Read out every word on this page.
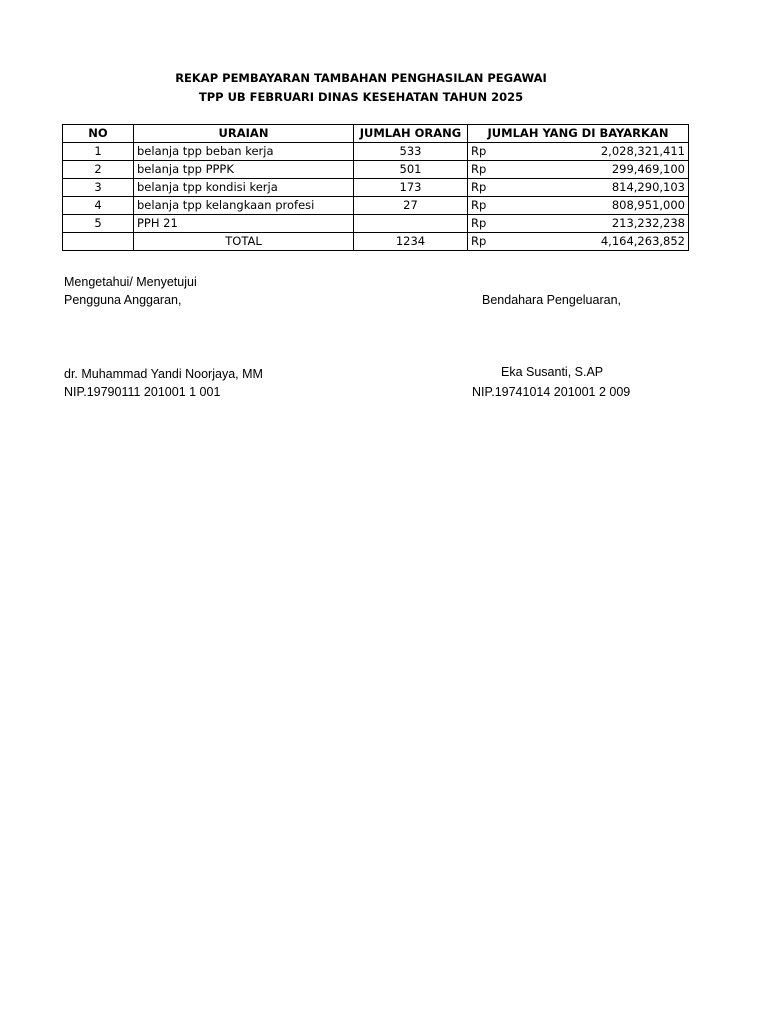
REKAP PEMBAYARAN TAMBAHAN PENGHASILAN PEGAWAI
TPP UB FEBRUARI DINAS KESEHATAN TAHUN 2025
NO	URAIAN	JUMLAH ORANG	JUMLAH YANG DI BAYARKAN
1	belanja tpp beban kerja	533	Rp 2,028,321,411

2	belanja tpp PPPK	501	Rp 299,469,100

3	belanja tpp kondisi kerja	173	Rp 814,290,103

4	belanja tpp kelangkaan profesi	27	Rp 808,951,000

5	PPH 21		Rp 213,232,238

	TOTAL	1234	Rp 4,164,263,852
Mengetahui/ Menyetujui
Pengguna Anggaran,
dr. Muhammad Yandi Noorjaya, MM
NIP.19790111 201001 1 001
Bendahara Pengeluaran,
Eka Susanti, S.AP
NIP.19741014 201001 2 009
